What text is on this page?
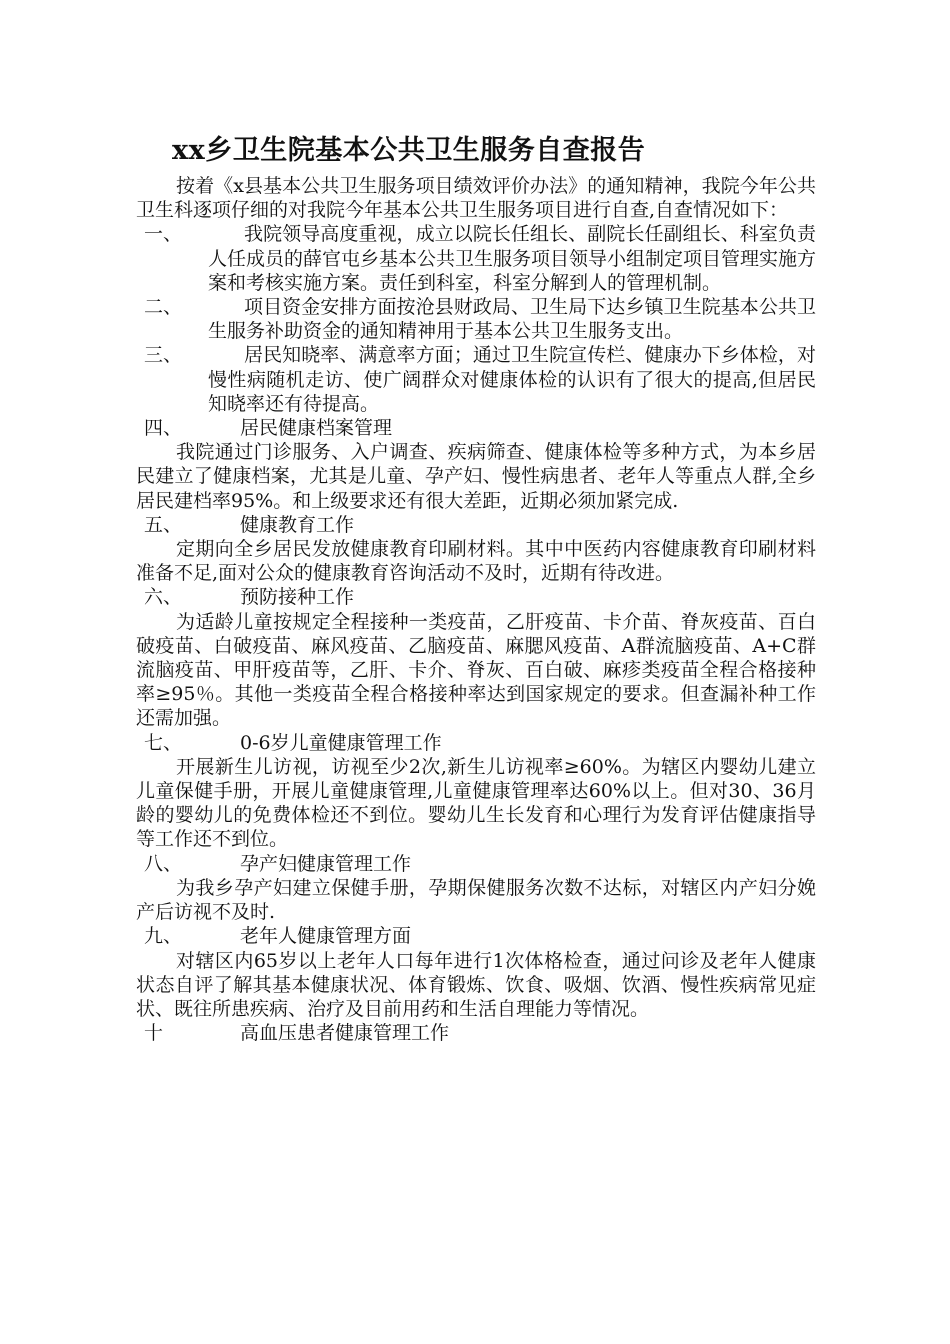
xx乡卫生院基本公共卫生服务自查报告

按着《x县基本公共卫生服务项目绩效评价办法》的通知精神，我院今年公共卫生科逐项仔细的对我院今年基本公共卫生服务项目进行自查,自查情况如下：

一、	我院领导高度重视，成立以院长任组长、副院长任副组长、科室负责人任成员的薛官屯乡基本公共卫生服务项目领导小组制定项目管理实施方案和考核实施方案。责任到科室，科室分解到人的管理机制。
二、	项目资金安排方面按沧县财政局、卫生局下达乡镇卫生院基本公共卫生服务补助资金的通知精神用于基本公共卫生服务支出。
三、	居民知晓率、满意率方面；通过卫生院宣传栏、健康办下乡体检，对慢性病随机走访、使广阔群众对健康体检的认识有了很大的提高,但居民知晓率还有待提高。
四、	居民健康档案管理

我院通过门诊服务、入户调查、疾病筛查、健康体检等多种方式，为本乡居民建立了健康档案，尤其是儿童、孕产妇、慢性病患者、老年人等重点人群,全乡居民建档率95%。和上级要求还有很大差距，近期必须加紧完成.

五、	健康教育工作

定期向全乡居民发放健康教育印刷材料。其中中医药内容健康教育印刷材料准备不足,面对公众的健康教育咨询活动不及时，近期有待改进。

六、	预防接种工作

为适龄儿童按规定全程接种一类疫苗，乙肝疫苗、卡介苗、脊灰疫苗、百白破疫苗、白破疫苗、麻风疫苗、乙脑疫苗、麻腮风疫苗、A群流脑疫苗、A+C群流脑疫苗、甲肝疫苗等，乙肝、卡介、脊灰、百白破、麻疹类疫苗全程合格接种率≥95％。其他一类疫苗全程合格接种率达到国家规定的要求。但查漏补种工作还需加强。

七、	0-6岁儿童健康管理工作

开展新生儿访视，访视至少2次,新生儿访视率≥60%。为辖区内婴幼儿建立儿童保健手册，开展儿童健康管理,儿童健康管理率达60%以上。但对30、36月龄的婴幼儿的免费体检还不到位。婴幼儿生长发育和心理行为发育评估健康指导等工作还不到位。

八、	孕产妇健康管理工作

为我乡孕产妇建立保健手册，孕期保健服务次数不达标，对辖区内产妇分娩产后访视不及时.

九、	老年人健康管理方面

对辖区内65岁以上老年人口每年进行1次体格检查，通过问诊及老年人健康状态自评了解其基本健康状况、体育锻炼、饮食、吸烟、饮酒、慢性疾病常见症状、既往所患疾病、治疗及目前用药和生活自理能力等情况。

十	高血压患者健康管理工作
